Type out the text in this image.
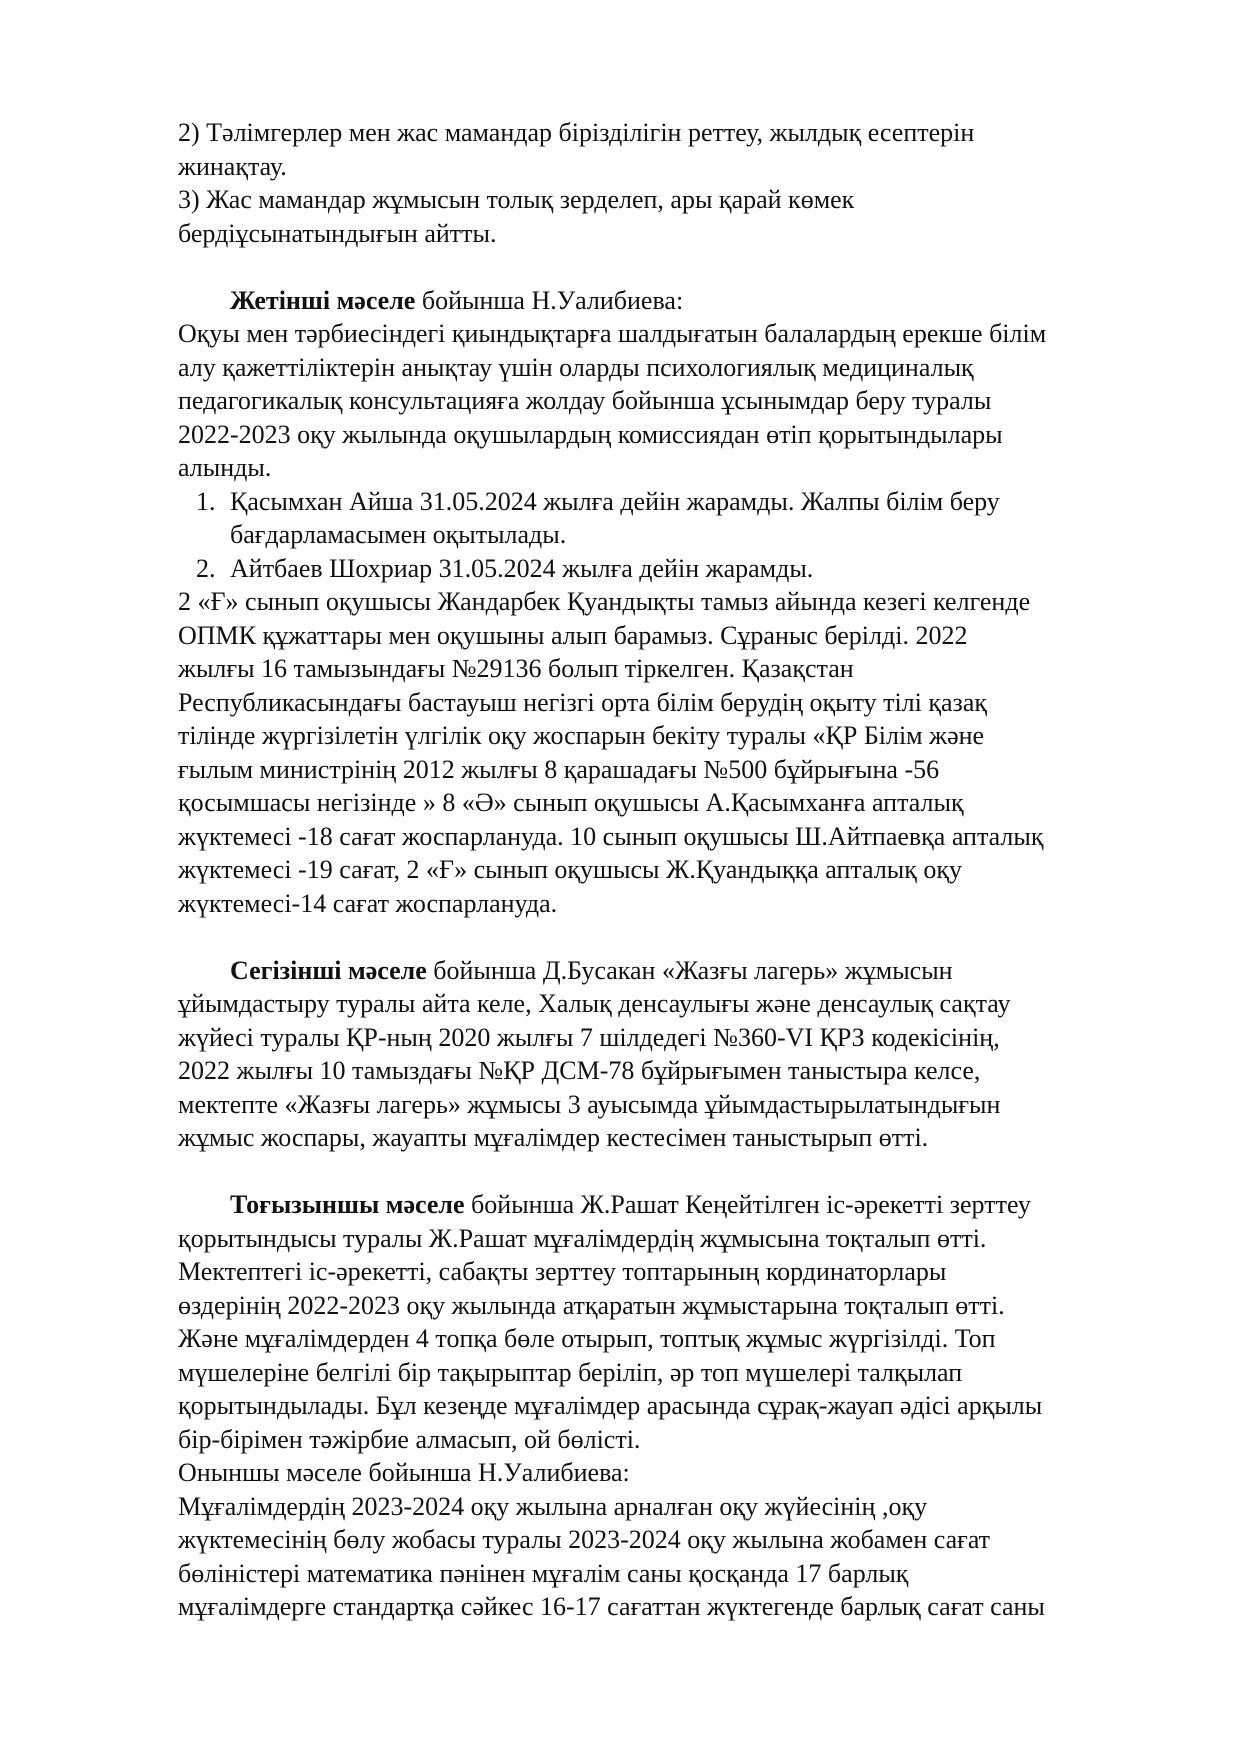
2) Тәлімгерлер мен жас мамандар бірізділігін реттеу, жылдық есептерін
жинақтау.
3) Жас мамандар жұмысын толық зерделеп, ары қарай көмек
бердіұсынатындығын айтты.
Жетінші мәселе бойынша Н.Уалибиева:
Оқуы мен тәрбиесіндегі қиындықтарға шалдығатын балалардың ерекше білім
алу қажеттіліктерін анықтау үшін оларды психологиялық медициналық
педагогикалық консультацияға жолдау бойынша ұсынымдар беру туралы
2022-2023 оқу жылында оқушылардың комиссиядан өтіп қорытындылары
алынды.
1. Қасымхан Айша 31.05.2024 жылға дейін жарамды. Жалпы білім беру
бағдарламасымен оқытылады.
2. Айтбаев Шохриар 31.05.2024 жылға дейін жарамды.
2 «Ғ» сынып оқушысы Жандарбек Қуандықты тамыз айында кезегі келгенде
ОПМК құжаттары мен оқушыны алып барамыз. Сұраныс берілді. 2022
жылғы 16 тамызындағы №29136 болып тіркелген. Қазақстан
Республикасындағы бастауыш негізгі орта білім берудің оқыту тілі қазақ
тілінде жүргізілетін үлгілік оқу жоспарын бекіту туралы «ҚР Білім және
ғылым министрінің 2012 жылғы 8 қарашадағы №500 бұйрығына -56
қосымшасы негізінде » 8 «Ә» сынып оқушысы А.Қасымханға апталық
жүктемесі -18 сағат жоспарлануда. 10 сынып оқушысы Ш.Айтпаевқа апталық
жүктемесі -19 сағат, 2 «Ғ» сынып оқушысы Ж.Қуандыққа апталық оқу
жүктемесі-14 сағат жоспарлануда.
Сегізінші мәселе бойынша Д.Бусакан «Жазғы лагерь» жұмысын
ұйымдастыру туралы айта келе, Халық денсаулығы және денсаулық сақтау
жүйесі туралы ҚР-ның 2020 жылғы 7 шілдедегі №360-VI ҚРЗ кодекісінің,
2022 жылғы 10 тамыздағы №ҚР ДСМ-78 бұйрығымен таныстыра келсе,
мектепте «Жазғы лагерь» жұмысы 3 ауысымда ұйымдастырылатындығын
жұмыс жоспары, жауапты мұғалімдер кестесімен таныстырып өтті.
Тоғызыншы мәселе бойынша Ж.Рашат Кеңейтілген іс-әрекетті зерттеу
қорытындысы туралы Ж.Рашат мұғалімдердің жұмысына тоқталып өтті.
Мектептегі іс-әрекетті, сабақты зерттеу топтарының кординаторлары
өздерінің 2022-2023 оқу жылында атқаратын жұмыстарына тоқталып өтті.
Және мұғалімдерден 4 топқа бөле отырып, топтық жұмыс жүргізілді. Топ
мүшелеріне белгілі бір тақырыптар беріліп, әр топ мүшелері талқылап
қорытындылады. Бұл кезеңде мұғалімдер арасында сұрақ-жауап әдісі арқылы
бір-бірімен тәжірбие алмасып, ой бөлісті.
Оныншы мәселе бойынша Н.Уалибиева:
Мұғалімдердің 2023-2024 оқу жылына арналған оқу жүйесінің ,оқу
жүктемесінің бөлу жобасы туралы 2023-2024 оқу жылына жобамен сағат
бөліністері математика пәнінен мұғалім саны қосқанда 17 барлық
мұғалімдерге стандартқа сәйкес 16-17 сағаттан жүктегенде барлық сағат саны
